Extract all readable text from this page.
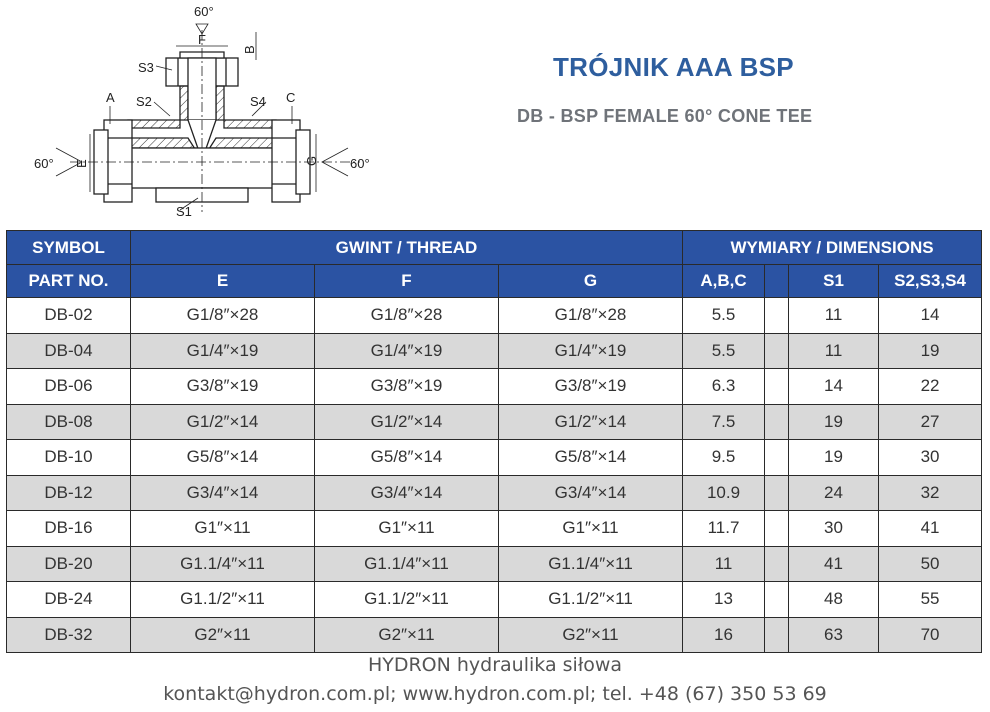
60°
F
B
S3
A S2	S4 C
E	G
60°	60°
S1
TRÓJNIK AAA BSP
DB - BSP FEMALE 60° CONE TEE
SYMBOL	GWINT / THREAD			WYMIARY / DIMENSIONS			
PART NO.	E	F	G	A,B,C		S1	S2,S3,S4
DB-02	G1/8″×28	G1/8″×28	G1/8″×28	5.5		11	14
DB-04	G1/4″×19	G1/4″×19	G1/4″×19	5.5		11	19
DB-06	G3/8″×19	G3/8″×19	G3/8″×19	6.3		14	22
DB-08	G1/2″×14	G1/2″×14	G1/2″×14	7.5		19	27
DB-10	G5/8″×14	G5/8″×14	G5/8″×14	9.5		19	30
DB-12	G3/4″×14	G3/4″×14	G3/4″×14	10.9		24	32
DB-16	G1″×11	G1″×11	G1″×11	11.7		30	41
DB-20	G1.1/4″×11	G1.1/4″×11	G1.1/4″×11	11		41	50
DB-24	G1.1/2″×11	G1.1/2″×11	G1.1/2″×11	13		48	55
DB-32	G2″×11	G2″×11	G2″×11	16		63	70
HYDRON hydraulika siłowa
kontakt@hydron.com.pl; www.hydron.com.pl; tel. +48 (67) 350 53 69
